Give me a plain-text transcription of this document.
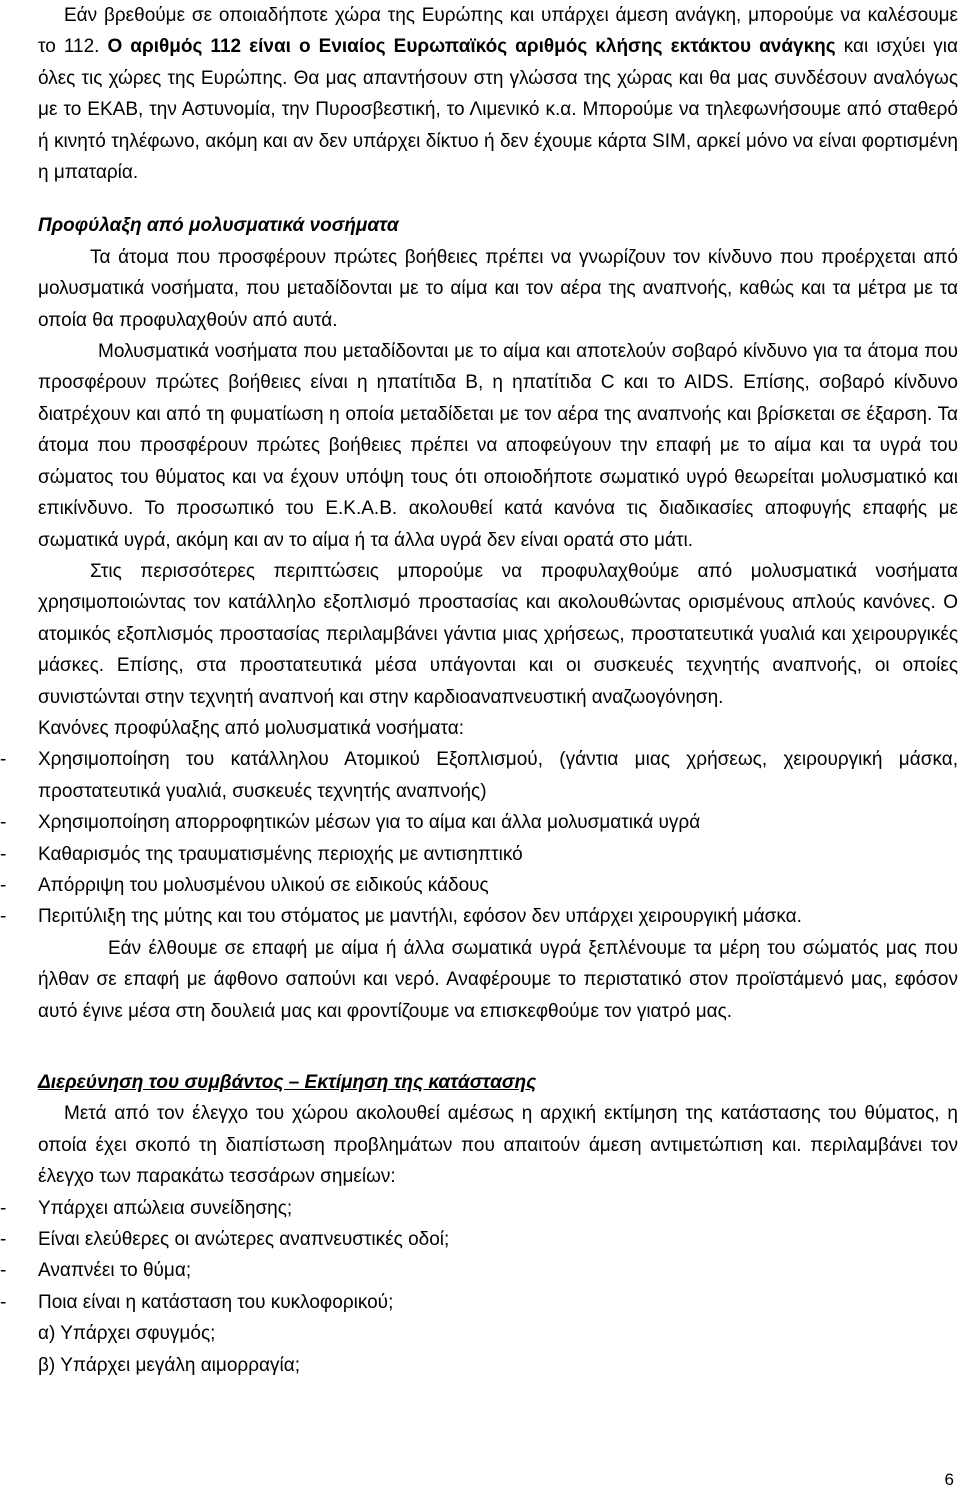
Εάν βρεθούμε σε οποιαδήποτε χώρα της Ευρώπης και υπάρχει άμεση ανάγκη, μπορούμε να καλέσουμε το 112. Ο αριθμός 112 είναι ο Ενιαίος Ευρωπαϊκός αριθμός κλήσης εκτάκτου ανάγκης και ισχύει για όλες τις χώρες της Ευρώπης. Θα μας απαντήσουν στη γλώσσα της χώρας και θα μας συνδέσουν αναλόγως με το ΕΚΑΒ, την Αστυνομία, την Πυροσβεστική, το Λιμενικό κ.α. Μπορούμε να τηλεφωνήσουμε από σταθερό ή κινητό τηλέφωνο, ακόμη και αν δεν υπάρχει δίκτυο ή δεν έχουμε κάρτα SIM, αρκεί μόνο να είναι φορτισμένη η μπαταρία.

Προφύλαξη από μολυσματικά νοσήματα

Τα άτομα που προσφέρουν πρώτες βοήθειες πρέπει να γνωρίζουν τον κίνδυνο που προέρχεται από μολυσματικά νοσήματα, που μεταδίδονται με το αίμα και τον αέρα της αναπνοής, καθώς και τα μέτρα με τα οποία θα προφυλαχθούν από αυτά.

Μολυσματικά νοσήματα που μεταδίδονται με το αίμα και αποτελούν σοβαρό κίνδυνο για τα άτομα που προσφέρουν πρώτες βοήθειες είναι η ηπατίτιδα Β, η ηπατίτιδα C και το AIDS. Επίσης, σοβαρό κίνδυνο διατρέχουν και από τη φυματίωση η οποία μεταδίδεται με τον αέρα της αναπνοής και βρίσκεται σε έξαρση. Τα άτομα που προσφέρουν πρώτες βοήθειες πρέπει να αποφεύγουν την επαφή με το αίμα και τα υγρά του σώματος του θύματος και να έχουν υπόψη τους ότι οποιοδήποτε σωματικό υγρό θεωρείται μολυσματικό και επικίνδυνο. Το προσωπικό του Ε.Κ.Α.Β. ακολουθεί κατά κανόνα τις διαδικασίες αποφυγής επαφής με σωματικά υγρά, ακόμη και αν το αίμα ή τα άλλα υγρά δεν είναι ορατά στο μάτι.

Στις περισσότερες περιπτώσεις μπορούμε να προφυλαχθούμε από μολυσματικά νοσήματα χρησιμοποιώντας τον κατάλληλο εξοπλισμό προστασίας και ακολουθώντας ορισμένους απλούς κανόνες. Ο ατομικός εξοπλισμός προστασίας περιλαμβάνει γάντια μιας χρήσεως, προστατευτικά γυαλιά και χειρουργικές μάσκες. Επίσης, στα προστατευτικά μέσα υπάγονται και οι συσκευές τεχνητής αναπνοής, οι οποίες συνιστώνται στην τεχνητή αναπνοή και στην καρδιοαναπνευστική αναζωογόνηση.

Κανόνες προφύλαξης από μολυσματικά νοσήματα:

- Χρησιμοποίηση του κατάλληλου Ατομικού Εξοπλισμού, (γάντια μιας χρήσεως, χειρουργική μάσκα, προστατευτικά γυαλιά, συσκευές τεχνητής αναπνοής)
- Χρησιμοποίηση απορροφητικών μέσων για το αίμα και άλλα μολυσματικά υγρά
- Καθαρισμός της τραυματισμένης περιοχής με αντισηπτικό
- Απόρριψη του μολυσμένου υλικού σε ειδικούς κάδους
- Περιτύλιξη της μύτης και του στόματος με μαντήλι, εφόσον δεν υπάρχει χειρουργική μάσκα.

Εάν έλθουμε σε επαφή με αίμα ή άλλα σωματικά υγρά ξεπλένουμε τα μέρη του σώματός μας που ήλθαν σε επαφή με άφθονο σαπούνι και νερό. Αναφέρουμε το περιστατικό στον προϊστάμενό μας, εφόσον αυτό έγινε μέσα στη δουλειά μας και φροντίζουμε να επισκεφθούμε τον γιατρό μας.

Διερεύνηση του συμβάντος – Εκτίμηση της κατάστασης

Μετά από τον έλεγχο του χώρου ακολουθεί αμέσως η αρχική εκτίμηση της κατάστασης του θύματος, η οποία έχει σκοπό τη διαπίστωση προβλημάτων που απαιτούν άμεση αντιμετώπιση και. περιλαμβάνει τον έλεγχο των παρακάτω τεσσάρων σημείων:

- Υπάρχει απώλεια συνείδησης;
- Είναι ελεύθερες οι ανώτερες αναπνευστικές οδοί;
- Αναπνέει το θύμα;
- Ποια είναι η κατάσταση του κυκλοφορικού;

α) Υπάρχει σφυγμός;

β) Υπάρχει μεγάλη αιμορραγία;

6
